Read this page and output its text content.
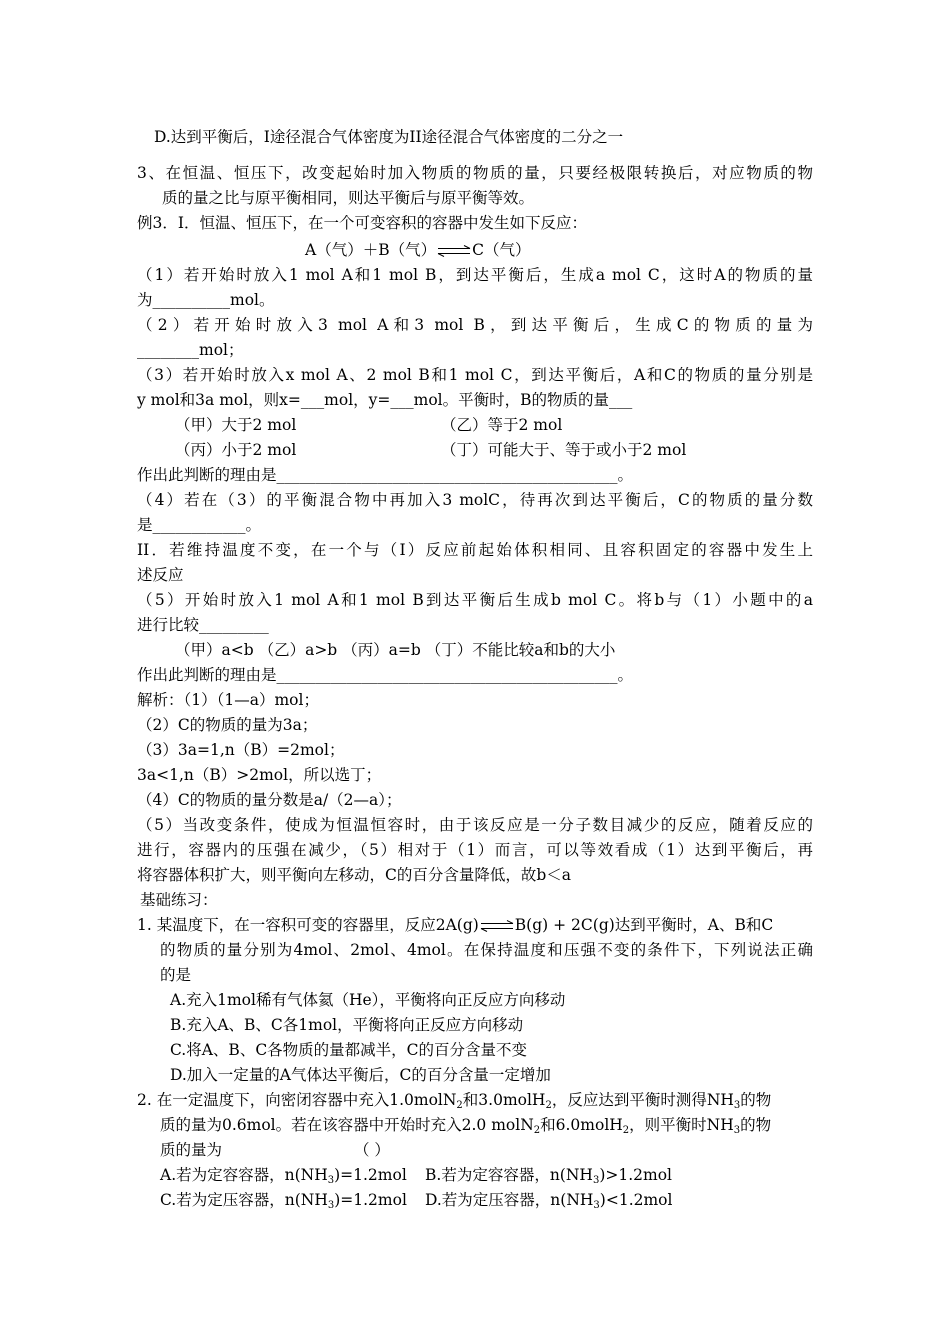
D.达到平衡后，I途径混合气体密度为II途径混合气体密度的二分之一
3、在恒温、恒压下，改变起始时加入物质的物质的量，只要经极限转换后，对应物质的物
质的量之比与原平衡相同，则达平衡后与原平衡等效。
例3．Ⅰ．恒温、恒压下，在一个可变容积的容器中发生如下反应：
A（气）＋B（气）⇌C（气）
（1）若开始时放入1 mol A和1 mol B，到达平衡后，生成a mol C，这时A的物质的量
为__________mol。
（2）若开始时放入3 mol A和3 mol B，到达平衡后，生成C的物质的量为
________mol；
（3）若开始时放入x mol A、2 mol B和1 mol C，到达平衡后，A和C的物质的量分别是
y mol和3a mol，则x=___mol，y=___mol。平衡时，B的物质的量___
（甲）大于2 mol	（乙）等于2 mol
（丙）小于2 mol	（丁）可能大于、等于或小于2 mol
作出此判断的理由是____________________________________________。
（4）若在（3）的平衡混合物中再加入3 molC，待再次到达平衡后，C的物质的量分数
是____________。
II．若维持温度不变，在一个与（Ⅰ）反应前起始体积相同、且容积固定的容器中发生上
述反应
（5）开始时放入1 mol A和1 mol B到达平衡后生成b mol C。将b与（1）小题中的a
进行比较_________
（甲）a<b （乙）a>b （丙）a=b （丁）不能比较a和b的大小
作出此判断的理由是____________________________________________。
解析：（1）（1—a）mol；
（2）C的物质的量为3a；
（3）3a=1,n（B）=2mol；
3a<1,n（B）>2mol，所以选丁；
（4）C的物质的量分数是a/（2—a）；
（5）当改变条件，使成为恒温恒容时，由于该反应是一分子数目减少的反应，随着反应的
进行，容器内的压强在减少，（5）相对于（1）而言，可以等效看成（1）达到平衡后，再
将容器体积扩大，则平衡向左移动，C的百分含量降低，故b＜a
基础练习：
1. 某温度下，在一容积可变的容器里，反应2A(g)⇌B(g) + 2C(g)达到平衡时，A、B和C
的物质的量分别为4mol、2mol、4mol。在保持温度和压强不变的条件下，下列说法正确
的是
A.充入1mol稀有气体氦（He），平衡将向正反应方向移动
B.充入A、B、C各1mol，平衡将向正反应方向移动
C.将A、B、C各物质的量都减半，C的百分含量不变
D.加入一定量的A气体达平衡后，C的百分含量一定增加
2. 在一定温度下，向密闭容器中充入1.0molN$_2$和3.0molH$_2$，反应达到平衡时测得$NH_3$的物
质的量为0.6mol。若在该容器中开始时充入2.0 molN$_2$和6.0molH$_2$，则平衡时$NH_3$的物
质的量为	（ ）
A.若为定容容器，$n(NH_3)=1.2mol$ B.若为定容容器，$n(NH_3)>1.2mol$
C.若为定压容器，$n(NH_3)=1.2mol$ D.若为定压容器，$n(NH_3)<1.2mol$
